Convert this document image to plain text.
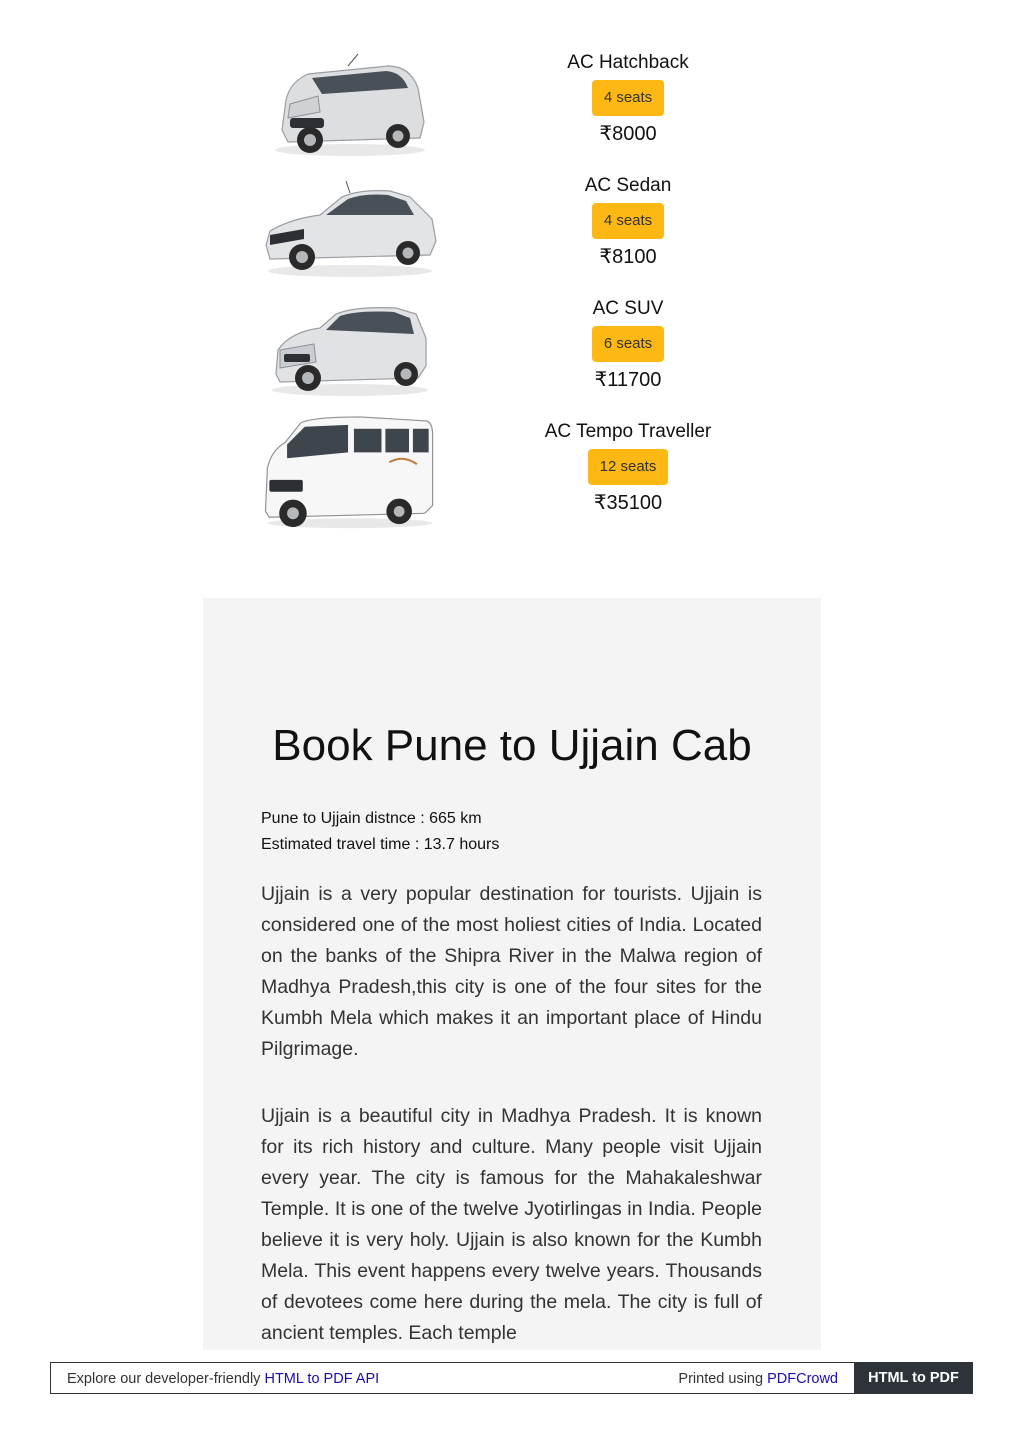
AC Hatchback
4 seats
₹8000
AC Sedan
4 seats
₹8100
AC SUV
6 seats
₹11700
AC Tempo Traveller
12 seats
₹35100
Book Pune to Ujjain Cab
Pune to Ujjain distnce : 665 km
Estimated travel time : 13.7 hours

Ujjain is a very popular destination for tourists. Ujjain is considered one of the most holiest cities of India. Located on the banks of the Shipra River in the Malwa region of Madhya Pradesh,this city is one of the four sites for the Kumbh Mela which makes it an important place of Hindu Pilgrimage.

Ujjain is a beautiful city in Madhya Pradesh. It is known for its rich history and culture. Many people visit Ujjain every year. The city is famous for the Mahakaleshwar Temple. It is one of the twelve Jyotirlingas in India. People believe it is very holy. Ujjain is also known for the Kumbh Mela. This event happens every twelve years. Thousands of devotees come here during the mela. The city is full of ancient temples. Each temple

Explore our developer-friendly HTML to PDF API	Printed using PDFCrowd	HTML to PDF
